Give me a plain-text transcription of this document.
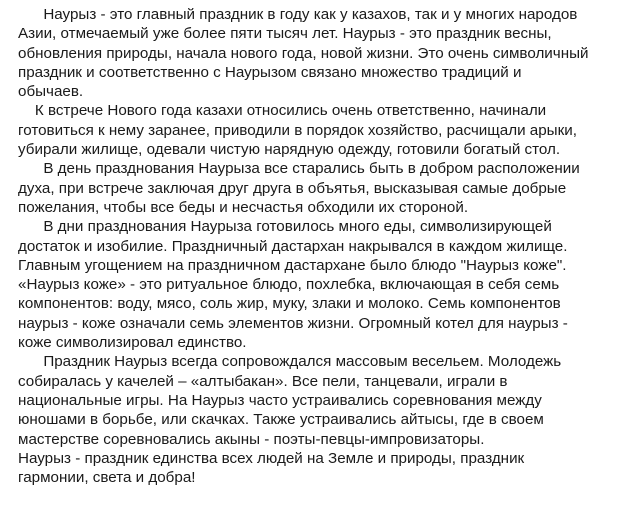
Наурыз - это главный праздник в году как у казахов, так и у многих народов
Азии, отмечаемый уже более пяти тысяч лет. Наурыз - это праздник весны,
обновления природы, начала нового года, новой жизни. Это очень символичный
праздник и соответственно с Наурызом связано множество традиций и
обычаев.
К встрече Нового года казахи относились очень ответственно, начинали
готовиться к нему заранее, приводили в порядок хозяйство, расчищали арыки,
убирали жилище, одевали чистую нарядную одежду, готовили богатый стол.
В день празднования Наурыза все старались быть в добром расположении
духа, при встрече заключая друг друга в объятья, высказывая самые добрые
пожелания, чтобы все беды и несчастья обходили их стороной.
В дни празднования Наурыза готовилось много еды, символизирующей
достаток и изобилие. Праздничный дастархан накрывался в каждом жилище.
Главным угощением на праздничном дастархане было блюдо "Наурыз коже".
«Наурыз коже» - это ритуальное блюдо, похлебка, включающая в себя семь
компонентов: воду, мясо, соль жир, муку, злаки и молоко. Семь компонентов
наурыз - коже означали семь элементов жизни. Огромный котел для наурыз -
коже символизировал единство.
Праздник Наурыз всегда сопровождался массовым весельем. Молодежь
собиралась у качелей – «алтыбакан». Все пели, танцевали, играли в
национальные игры. На Наурыз часто устраивались соревнования между
юношами в борьбе, или скачках. Также устраивались айтысы, где в своем
мастерстве соревновались акыны - поэты-певцы-импровизаторы.
Наурыз - праздник единства всех людей на Земле и природы, праздник
гармонии, света и добра!
